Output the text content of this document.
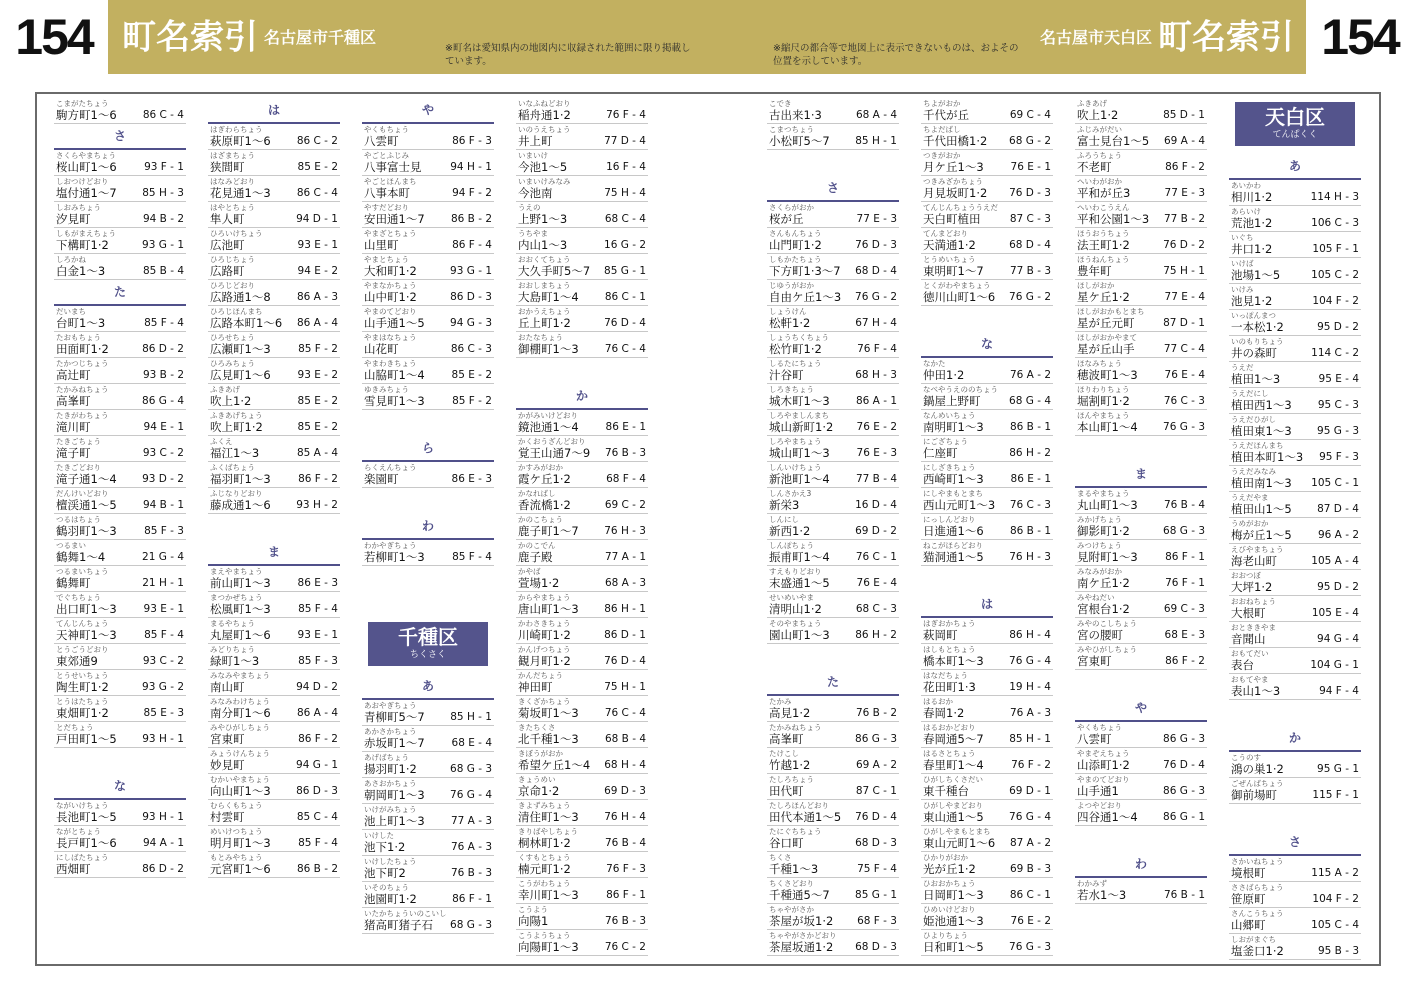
154 町名索引 名古屋市千種区
※町名は愛知県内の地図内に収録された範囲に限り掲載しています。
※縮尺の都合等で地図上に表示できないものは、およその位置を示しています。
名古屋市天白区 町名索引 154
こまがたちょう
駒方町1〜6 86 C - 4
さ
さくらやまちょう
桜山町1〜6	93 F - 1
しおつけどおり
塩付通1〜7 85 H - 3
しおみちょう
汐見町	94 B - 2
しもがまえちょう
下構町1·2	93 G - 1
しろかね
白金1〜3	85 B - 4
た
だいまち
台町1〜3	85 F - 4
たおもちょう
田面町1·2	86 D - 2
たかつじちょう
高辻町	93 B - 2
たかみねちょう
高峯町	86 G - 4
たきがわちょう
滝川町	94 E - 1
たきごちょう
滝子町	93 C - 2
たきごどおり
滝子通1〜4 93 D - 2
だんけいどおり
檀渓通1〜5	94 B - 1
つるはちょう
鶴羽町1〜3	85 F - 3
つるまい
鶴舞1〜4	21 G - 4
つるまいちょう
鶴舞町	21 H - 1
でぐちちょう
出口町1〜3	93 E - 1
てんじんちょう
天神町1〜3	85 F - 4
とうごうどおり
東郊通9	93 C - 2
とうせいちょう
陶生町1·2	93 G - 2
とうはたちょう
東畑町1·2	85 E - 3
とだちょう
戸田町1〜5 93 H - 1
な
ながいけちょう
長池町1〜5 93 H - 1
ながとちょう
長戸町1〜6	94 A - 1
にしばたちょう
西畑町	86 D - 2
は
はぎわらちょう
萩原町1〜6 86 C - 2
はざまちょう
狭間町	85 E - 2
はなみどおり
花見通1〜3 86 C - 4
はやとちょう
隼人町	94 D - 1
ひろいけちょう
広池町	93 E - 1
ひろじちょう
広路町	94 E - 2
ひろじどおり
広路通1〜8	86 A - 3
ひろじほんまち
広路本町1〜6 86 A - 4
ひろせちょう
広瀬町1〜3	85 F - 2
ひろみちょう
広見町1〜6	93 E - 2
ふきあげ
吹上1·2	85 E - 2
ふきあげちょう
吹上町1·2	85 E - 2
ふくえ
福江1〜3	85 A - 4
ふくばちょう
福羽町1〜3	86 F - 2
ふじなりどおり
藤成通1〜6 93 H - 2
ま
まえやまちょう
前山町1〜3	86 E - 3
まつかぜちょう
松風町1〜3	85 F - 4
まるやちょう
丸屋町1〜6	93 E - 1
みどりちょう
緑町1〜3	85 F - 3
みなみやまちょう
南山町	94 D - 2
みなみわけちょう
南分町1〜6	86 A - 4
みやひがしちょう
宮東町	86 F - 2
みょうけんちょう
妙見町	94 G - 1
むかいやまちょう
向山町1〜3 86 D - 3
むらくもちょう
村雲町	85 C - 4
めいけつちょう
明月町1〜3	85 F - 4
もとみやちょう
元宮町1〜6	86 B - 2
や
やくもちょう
八雲町	86 F - 3
やごとふじみ
八事富士見	94 H - 1
やごとほんまち
八事本町	94 F - 2
やすだどおり
安田通1〜7	86 B - 2
やまざとちょう
山里町	86 F - 4
やまとちょう
大和町1·2	93 G - 1
やまなかちょう
山中町1·2	86 D - 3
やまのてどおり
山手通1〜5 94 G - 3
やまはなちょう
山花町	86 C - 3
やまわきちょう
山脇町1〜4	85 E - 2
ゆきみちょう
雪見町1〜3	85 F - 2
ら
らくえんちょう
楽園町	86 E - 3
わ
わかやぎちょう
若柳町1〜3	85 F - 4
千種区
ちくさく
あ
あおやぎちょう
青柳町5〜7 85 H - 1
あかさかちょう
赤坂町1〜7	68 E - 4
あげばちょう
揚羽町1·2	68 G - 3
あさおかちょう
朝岡町1〜3 76 G - 4
いけがみちょう
池上町1〜3	77 A - 3
いけした
池下1·2	76 A - 3
いけしたちょう
池下町2	76 B - 3
いそのちょう
池園町1·2	86 F - 1
いたかちょういのこいし
猪高町猪子石 68 G - 3
いなふねどおり
稲舟通1·2	76 F - 4
いのうえちょう
井上町	77 D - 4
いまいけ
今池1〜5	16 F - 4
いまいけみなみ
今池南	75 H - 4
うえの
上野1〜3	68 C - 4
うちやま
内山1〜3	16 G - 2
おおくてちょう
大久手町5〜7 85 G - 1
おおしまちょう
大島町1〜4 86 C - 1
おかうえちょう
丘上町1·2	76 D - 4
おたなちょう
御棚町1〜3 76 C - 4
か
かがみいけどおり
鏡池通1〜4	86 E - 1
かくおうざんどおり
覚王山通7〜9 76 B - 3
かすみがおか
霞ケ丘1·2	68 F - 4
かなればし
香流橋1·2	69 C - 2
かのこちょう
鹿子町1〜7 76 H - 3
かのこでん
鹿子殿	77 A - 1
かやば
萱場1·2	68 A - 3
からやまちょう
唐山町1〜3 86 H - 1
かわさきちょう
川崎町1·2	86 D - 1
かんげつちょう
観月町1·2	76 D - 4
かんだちょう
神田町	75 H - 1
きくざかちょう
菊坂町1〜3 76 C - 4
きたちくさ
北千種1〜3	68 B - 4
きぼうがおか
希望ケ丘1〜4 68 H - 4
きょうめい
京命1·2	69 D - 3
きよずみちょう
清住町1〜3 76 H - 4
きりばやしちょう
桐林町1·2	76 B - 4
くすもとちょう
楠元町1·2	76 F - 3
こうがわちょう
幸川町1〜3	86 F - 1
こうよう
向陽1	76 B - 3
こうようちょう
向陽町1〜3 76 C - 2
こでき
古出来1·3	68 A - 4
こまつちょう
小松町5〜7 85 H - 1
さ
さくらがおか
桜が丘	77 E - 3
さんもんちょう
山門町1·2	76 D - 3
しもかたちょう
下方町1·3〜7 68 D - 4
じゆうがおか
自由ケ丘1〜3 76 G - 2
しょうけん
松軒1·2	67 H - 4
しょうちくちょう
松竹町1·2	76 F - 4
しるたにちょう
汁谷町	68 H - 3
しろきちょう
城木町1〜3	86 A - 1
しろやましんまち
城山新町1·2 76 E - 2
しろやまちょう
城山町1〜3	76 E - 3
しんいけちょう
新池町1〜4	77 B - 4
しんさかえ3
新栄3	16 D - 4
しんにし
新西1·2	69 D - 2
しんぽちょう
振甫町1〜4 76 C - 1
すえもりどおり
末盛通1〜5	76 E - 4
せいめいやま
清明山1·2	68 C - 3
そのやまちょう
園山町1〜3 86 H - 2
た
たかみ
高見1·2	76 B - 2
たかみねちょう
高峯町	86 G - 3
たけこし
竹越1·2	69 A - 2
たしろちょう
田代町	87 C - 1
たしろほんどおり
田代本通1〜5 76 D - 4
たにぐちちょう
谷口町	68 D - 3
ちくさ
千種1〜3	75 F - 4
ちくさどおり
千種通5〜7 85 G - 1
ちゃやがさか
茶屋が坂1·2 68 F - 3
ちゃやがさかどおり
茶屋坂通1·2 68 D - 3
ちよがおか
千代が丘	69 C - 4
ちよだばし
千代田橋1·2 68 G - 2
つきがおか
月ケ丘1〜3	76 E - 1
つきみざかちょう
月見坂町1·2 76 D - 3
てんじんちょううえだ
天白町植田	87 C - 3
てんまどおり
天満通1·2	68 D - 4
とうめいちょう
東明町1〜7	77 B - 3
とくがわやまちょう
徳川山町1〜6 76 G - 2
な
なかた
仲田1·2	76 A - 2
なべやうえののちょう
鍋屋上野町	68 G - 4
なんめいちょう
南明町1〜3	86 B - 1
にござちょう
仁座町	86 H - 2
にしざきちょう
西崎町1〜3	86 E - 1
にしやまもとまち
西山元町1〜3 76 C - 3
にっしんどおり
日進通1〜6	86 B - 1
ねこがほらどおり
猫洞通1〜5 76 H - 3
は
はぎおかちょう
萩岡町	86 H - 4
はしもとちょう
橋本町1〜3 76 G - 4
はなだちょう
花田町1·3	19 H - 4
はるおか
春岡1·2	76 A - 3
はるおかどおり
春岡通5〜7 85 H - 1
はるさとちょう
春里町1〜4	76 F - 2
ひがしちくさだい
東千種台	69 D - 1
ひがしやまどおり
東山通1〜5 76 G - 4
ひがしやまもとまち
東山元町1〜6 87 A - 2
ひかりがおか
光が丘1·2	69 B - 3
ひおおかちょう
日岡町1〜3 86 C - 1
ひめいけどおり
姫池通1〜3	76 E - 2
ひよりちょう
日和町1〜5 76 G - 3
ふきあげ
吹上1·2	85 D - 1
ふじみがだい
富士見台1〜5 69 A - 4
ふろうちょう
不老町	86 F - 2
へいわがおか
平和が丘3	77 E - 3
へいわこうえん
平和公園1〜3 77 B - 2
ほうおうちょう
法王町1·2	76 D - 2
ほうねんちょう
豊年町	75 H - 1
ほしがおか
星ケ丘1·2	77 E - 4
ほしがおかもとまち
星が丘元町	87 D - 1
ほしがおかやまて
星が丘山手	77 C - 4
ほなみちょう
穂波町1〜3	76 E - 4
ほりわりちょう
堀割町1·2	76 C - 3
ほんやまちょう
本山町1〜4 76 G - 3
ま
まるやまちょう
丸山町1〜3	76 B - 4
みかげちょう
御影町1·2	68 G - 3
みつけちょう
見附町1〜3	86 F - 1
みなみがおか
南ケ丘1·2	76 F - 1
みやねだい
宮根台1·2	69 C - 3
みやのこしちょう
宮の腰町	68 E - 3
みやひがしちょう
宮東町	86 F - 2
や
やくもちょう
八雲町	86 G - 3
やまぞえちょう
山添町1·2	76 D - 4
やまのてどおり
山手通1	86 G - 3
よつやどおり
四谷通1〜4 86 G - 1
わ
わかみず
若水1〜3	76 B - 1
天白区
てんぱくく
あ
あいかわ
相川1·2	114 H - 3
あらいけ
荒池1·2	106 C - 3
いぐち
井口1·2	105 F - 1
いけば
池場1〜5	105 C - 2
いけみ
池見1·2	104 F - 2
いっぽんまつ
一本松1·2	95 D - 2
いのもりちょう
井の森町	114 C - 2
うえだ
植田1〜3	95 E - 4
うえだにし
植田西1〜3 95 C - 3
うえだひがし
植田東1〜3 95 G - 3
うえだほんまち
植田本町1〜3 95 F - 3
うえだみなみ
植田南1〜3 105 C - 1
うえだやま
植田山1〜5 87 D - 4
うめがおか
梅が丘1〜5	96 A - 2
えびやまちょう
海老山町	105 A - 4
おおつぼ
大坪1·2	95 D - 2
おおねちょう
大根町	105 E - 4
おとききやま
音聞山	94 G - 4
おもてだい
表台	104 G - 1
おもてやま
表山1〜3	94 F - 4
か
こうのす
鴻の巣1·2	95 G - 1
ごぜんばちょう
御前場町	115 F - 1
さ
さかいねちょう
境根町	115 A - 2
ささばらちょう
笹原町	104 F - 2
さんこうちょう
山郷町	105 C - 4
しおがまぐち
塩釜口1·2	95 B - 3
